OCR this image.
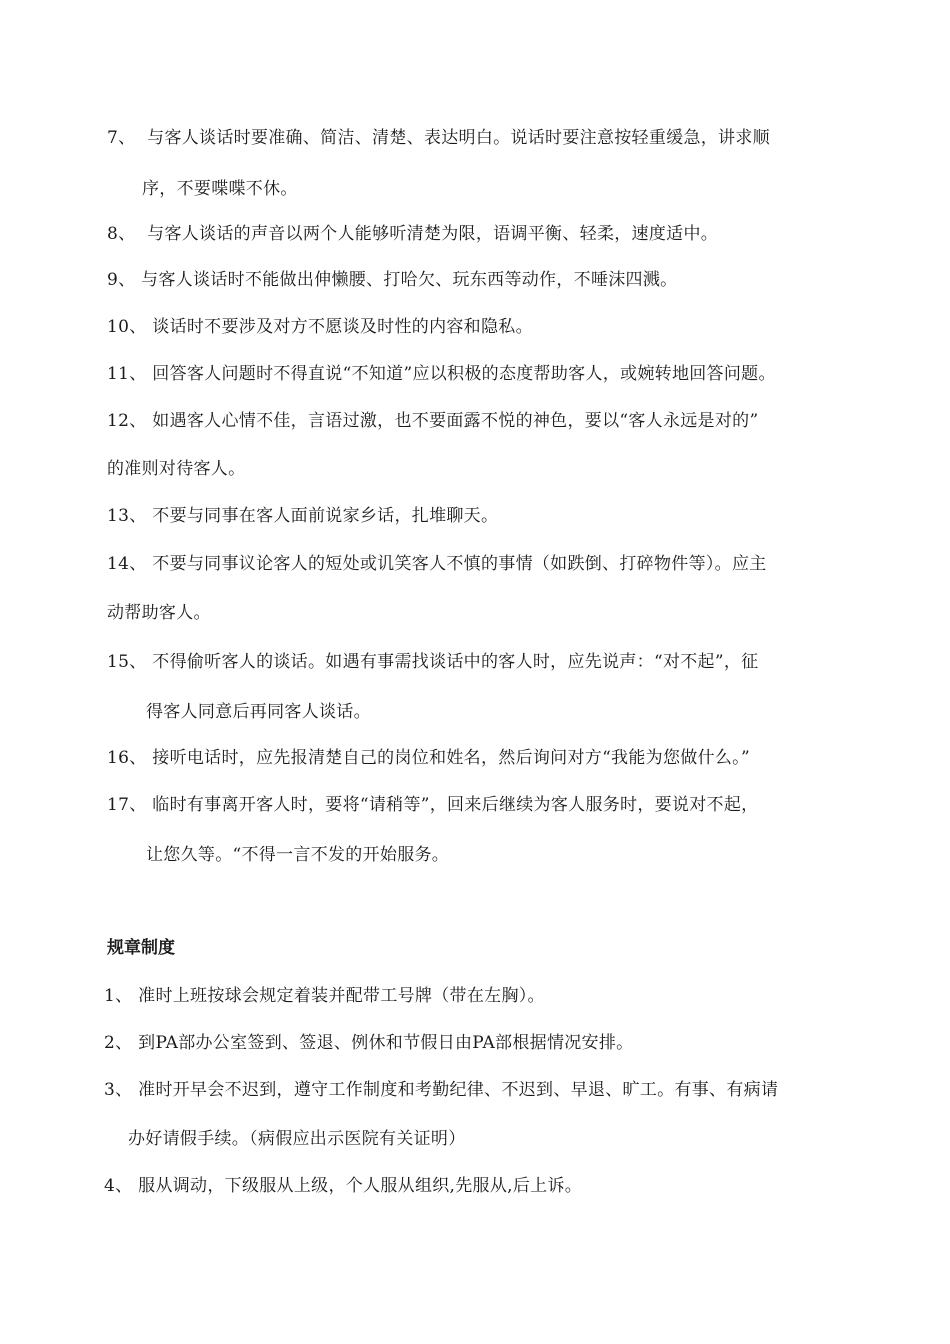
7、 与客人谈话时要准确、简洁、清楚、表达明白。说话时要注意按轻重缓急，讲求顺
序，不要喋喋不休。
8、 与客人谈话的声音以两个人能够听清楚为限，语调平衡、轻柔，速度适中。
9、 与客人谈话时不能做出伸懒腰、打哈欠、玩东西等动作，不唾沫四溅。
10、 谈话时不要涉及对方不愿谈及时性的内容和隐私。
11、 回答客人问题时不得直说“不知道”应以积极的态度帮助客人，或婉转地回答问题。
12、 如遇客人心情不佳，言语过激，也不要面露不悦的神色，要以“客人永远是对的”
的准则对待客人。
13、 不要与同事在客人面前说家乡话，扎堆聊天。
14、 不要与同事议论客人的短处或讥笑客人不慎的事情（如跌倒、打碎物件等）。应主
动帮助客人。
15、 不得偷听客人的谈话。如遇有事需找谈话中的客人时，应先说声：“对不起”，征
得客人同意后再同客人谈话。
16、 接听电话时，应先报清楚自己的岗位和姓名，然后询问对方“我能为您做什么。”
17、 临时有事离开客人时，要将“请稍等”，回来后继续为客人服务时，要说对不起，
让您久等。“不得一言不发的开始服务。
规章制度
1、 准时上班按球会规定着装并配带工号牌（带在左胸）。
2、 到PA部办公室签到、签退、例休和节假日由PA部根据情况安排。
3、 准时开早会不迟到，遵守工作制度和考勤纪律、不迟到、早退、旷工。有事、有病请
办好请假手续。（病假应出示医院有关证明）
4、 服从调动，下级服从上级，个人服从组织,先服从,后上诉。
